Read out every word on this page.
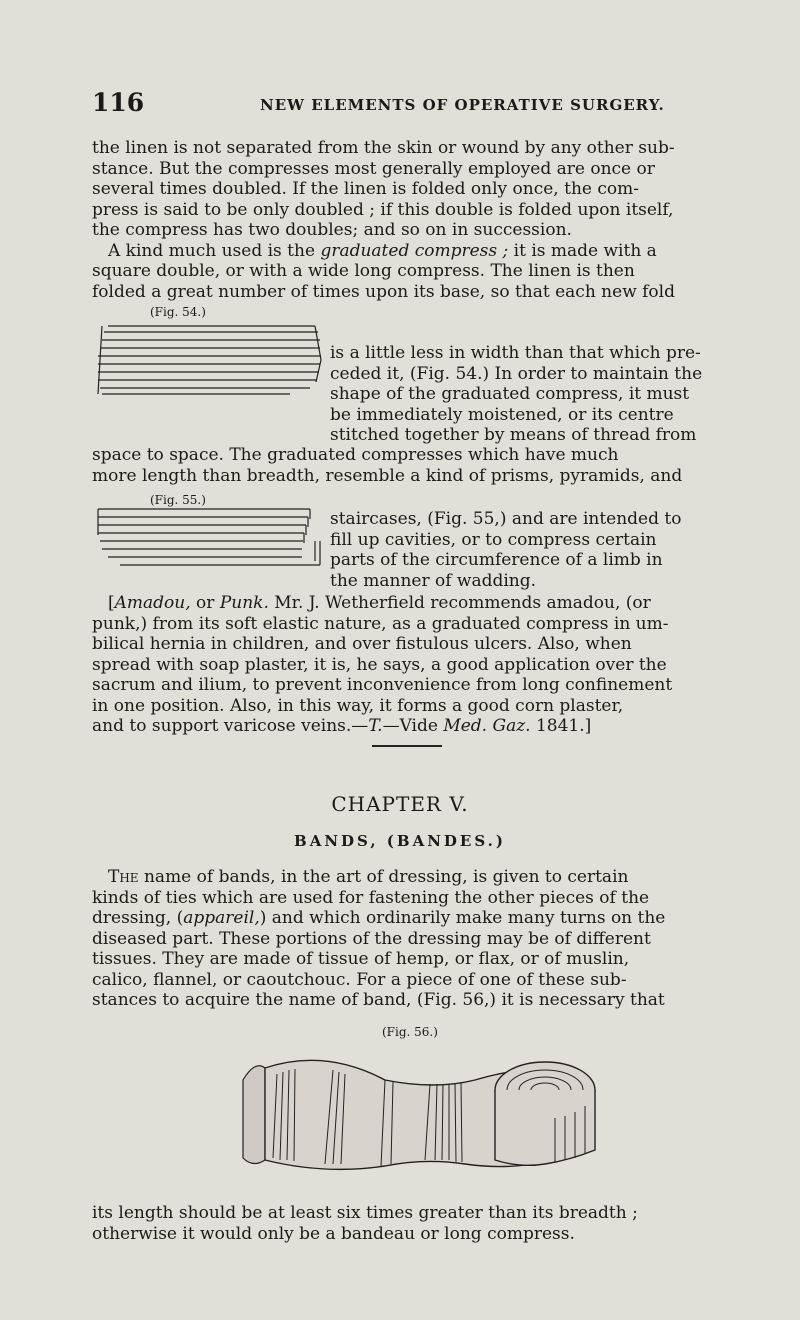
116	NEW ELEMENTS OF OPERATIVE SURGERY.
the linen is not separated from the skin or wound by any other sub-
stance. But the compresses most generally employed are once or
several times doubled. If the linen is folded only once, the com-
press is said to be only doubled ; if this double is folded upon itself,
the compress has two doubles; and so on in succession.
A kind much used is the graduated compress ; it is made with a
square double, or with a wide long compress. The linen is then
folded a great number of times upon its base, so that each new fold
(Fig. 54.)
is a little less in width than that which pre-
ceded it, (Fig. 54.) In order to maintain the
shape of the graduated compress, it must
be immediately moistened, or its centre
stitched together by means of thread from
space to space. The graduated compresses which have much
more length than breadth, resemble a kind of prisms, pyramids, and
(Fig. 55.)
staircases, (Fig. 55,) and are intended to
fill up cavities, or to compress certain
parts of the circumference of a limb in
the manner of wadding.
[Amadou, or Punk. Mr. J. Wetherfield recommends amadou, (or
punk,) from its soft elastic nature, as a graduated compress in um-
bilical hernia in children, and over fistulous ulcers. Also, when
spread with soap plaster, it is, he says, a good application over the
sacrum and ilium, to prevent inconvenience from long confinement
in one position. Also, in this way, it forms a good corn plaster,
and to support varicose veins.—T.—Vide Med. Gaz. 1841.]
CHAPTER V.
BANDS, (BANDES.)
The name of bands, in the art of dressing, is given to certain
kinds of ties which are used for fastening the other pieces of the
dressing, (appareil,) and which ordinarily make many turns on the
diseased part. These portions of the dressing may be of different
tissues. They are made of tissue of hemp, or flax, or of muslin,
calico, flannel, or caoutchouc. For a piece of one of these sub-
stances to acquire the name of band, (Fig. 56,) it is necessary that
(Fig. 56.)
its length should be at least six times greater than its breadth ;
otherwise it would only be a bandeau or long compress.
